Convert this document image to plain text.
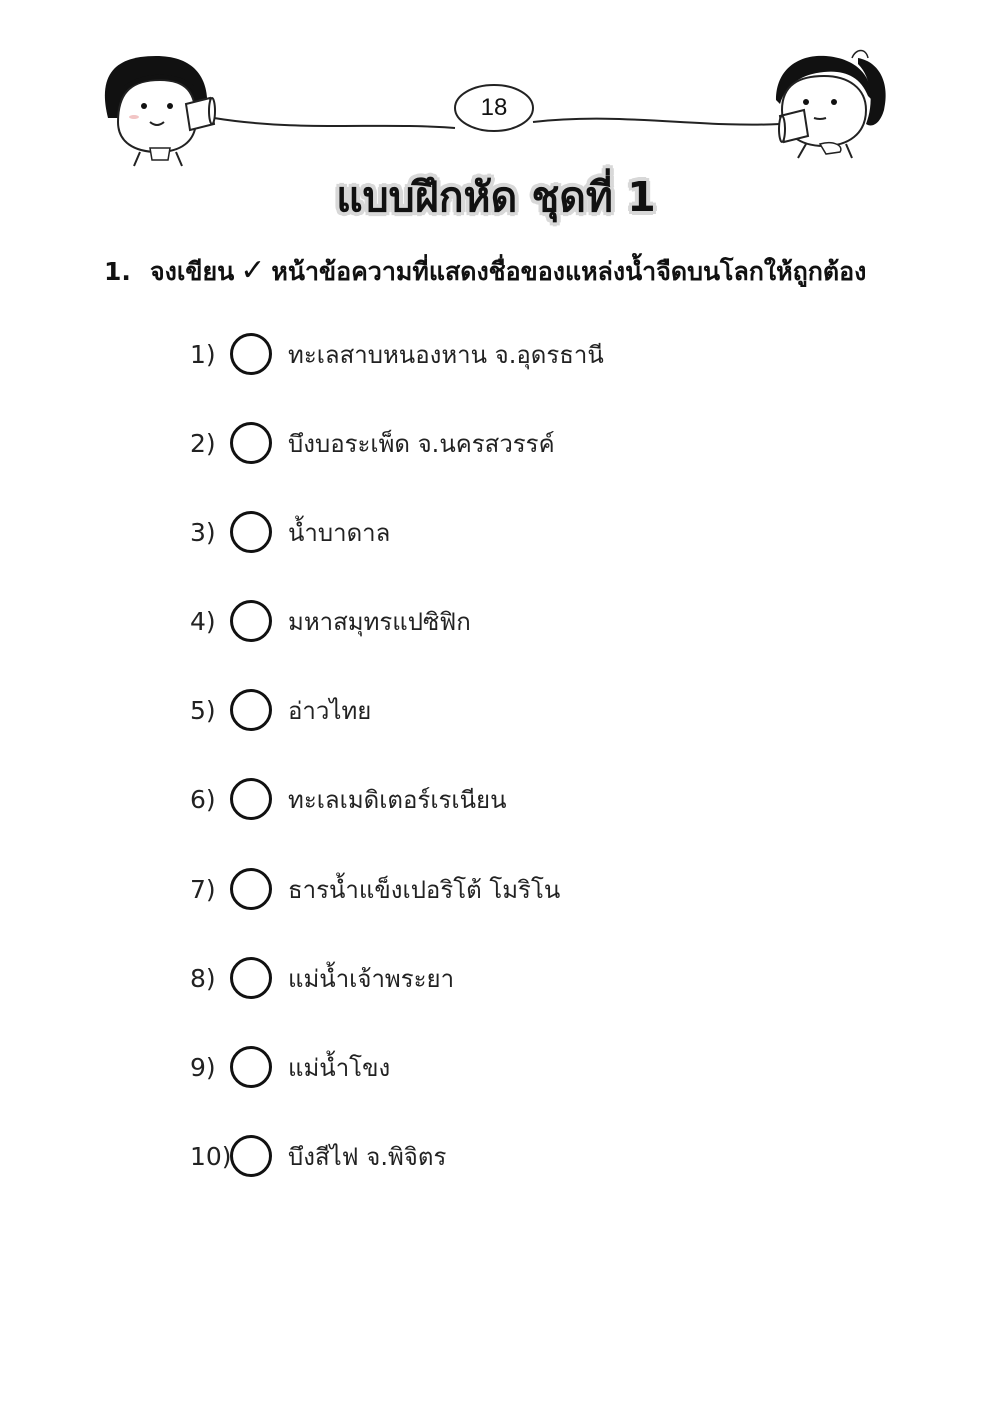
18
แบบฝึกหัด ชุดที่ 1
1. จงเขียน ✓ หน้าข้อความที่แสดงชื่อของแหล่งน้ำจืดบนโลกให้ถูกต้อง
1)	ทะเลสาบหนองหาน จ.อุดรธานี
2)	บึงบอระเพ็ด จ.นครสวรรค์
3)	น้ำบาดาล
4)	มหาสมุทรแปซิฟิก
5)	อ่าวไทย
6)	ทะเลเมดิเตอร์เรเนียน
7)	ธารน้ำแข็งเปอริโต้ โมริโน
8)	แม่น้ำเจ้าพระยา
9)	แม่น้ำโขง
10) บึงสีไฟ จ.พิจิตร
